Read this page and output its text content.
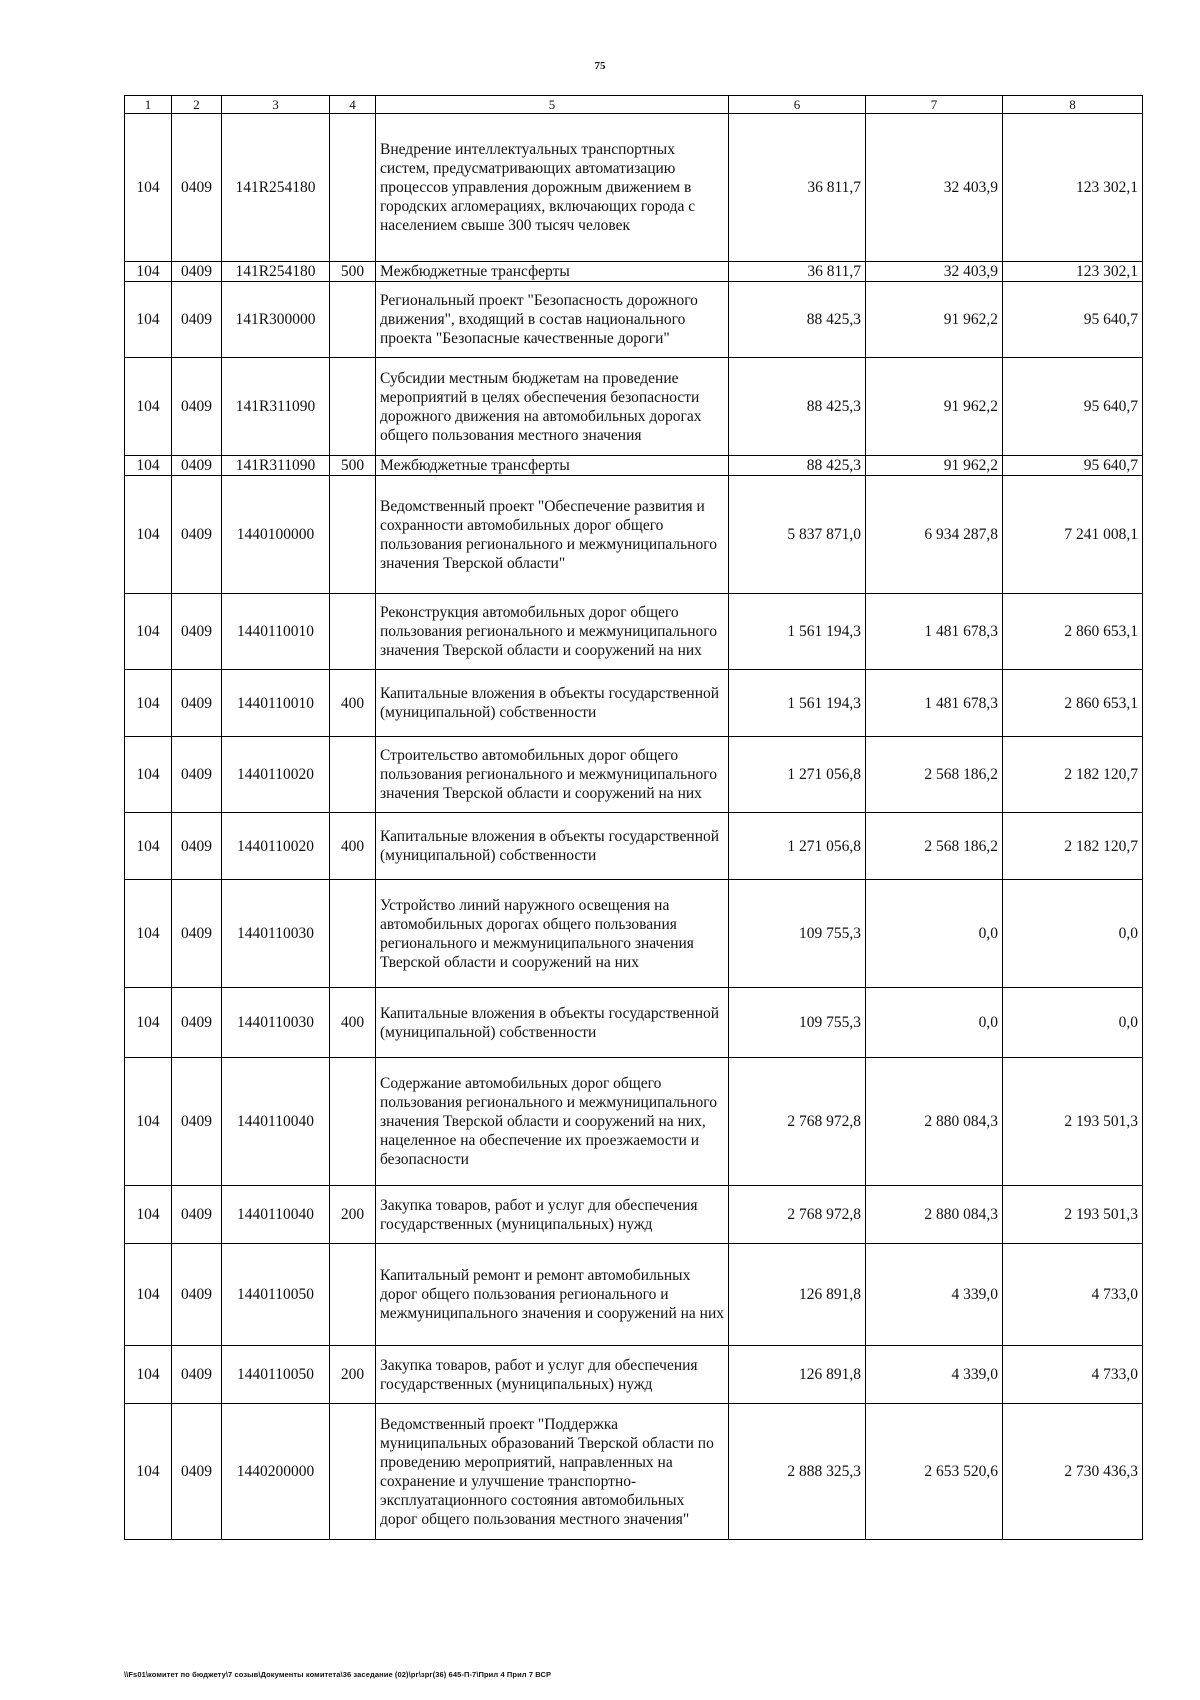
75
1	2	3	4	5	6	7	8
104	0409	141R254180		Внедрение интеллектуальных транспортных систем, предусматривающих автоматизацию процессов управления дорожным движением в городских агломерациях, включающих города с населением свыше 300 тысяч человек	36 811,7	32 403,9	123 302,1
104	0409	141R254180	500	Межбюджетные трансферты	36 811,7	32 403,9	123 302,1
104	0409	141R300000		Региональный проект "Безопасность дорожного движения", входящий в состав национального проекта "Безопасные качественные дороги"	88 425,3	91 962,2	95 640,7
104	0409	141R311090		Субсидии местным бюджетам на проведение мероприятий в целях обеспечения безопасности дорожного движения на автомобильных дорогах общего пользования местного значения	88 425,3	91 962,2	95 640,7
104	0409	141R311090	500	Межбюджетные трансферты	88 425,3	91 962,2	95 640,7
104	0409	1440100000		Ведомственный проект "Обеспечение развития и сохранности автомобильных дорог общего пользования регионального и межмуниципального значения Тверской области"	5 837 871,0	6 934 287,8	7 241 008,1
104	0409	1440110010		Реконструкция автомобильных дорог общего пользования регионального и межмуниципального значения Тверской области и сооружений на них	1 561 194,3	1 481 678,3	2 860 653,1
104	0409	1440110010	400	Капитальные вложения в объекты государственной (муниципальной) собственности	1 561 194,3	1 481 678,3	2 860 653,1
104	0409	1440110020		Строительство автомобильных дорог общего пользования регионального и межмуниципального значения Тверской области и сооружений на них	1 271 056,8	2 568 186,2	2 182 120,7
104	0409	1440110020	400	Капитальные вложения в объекты государственной (муниципальной) собственности	1 271 056,8	2 568 186,2	2 182 120,7
104	0409	1440110030		Устройство линий наружного освещения на автомобильных дорогах общего пользования регионального и межмуниципального значения Тверской области и сооружений на них	109 755,3	0,0	0,0
104	0409	1440110030	400	Капитальные вложения в объекты государственной (муниципальной) собственности	109 755,3	0,0	0,0
104	0409	1440110040		Содержание автомобильных дорог общего пользования регионального и межмуниципального значения Тверской области и сооружений на них, нацеленное на обеспечение их проезжаемости и безопасности	2 768 972,8	2 880 084,3	2 193 501,3
104	0409	1440110040	200	Закупка товаров, работ и услуг для обеспечения государственных (муниципальных) нужд	2 768 972,8	2 880 084,3	2 193 501,3
104	0409	1440110050		Капитальный ремонт и ремонт автомобильных дорог общего пользования регионального и межмуниципального значения и сооружений на них	126 891,8	4 339,0	4 733,0
104	0409	1440110050	200	Закупка товаров, работ и услуг для обеспечения государственных (муниципальных) нужд	126 891,8	4 339,0	4 733,0
104	0409	1440200000		Ведомственный проект "Поддержка муниципальных образований Тверской области по проведению мероприятий, направленных на сохранение и улучшение транспортно-эксплуатационного состояния автомобильных дорог общего пользования местного значения"	2 888 325,3	2 653 520,6	2 730 436,3
\\Fs01\комитет по бюджету\7 созыв\Документы комитета\36 заседание (02)\рг\зрг(36) 645-П-7\Прил 4 Прил 7 ВСР
